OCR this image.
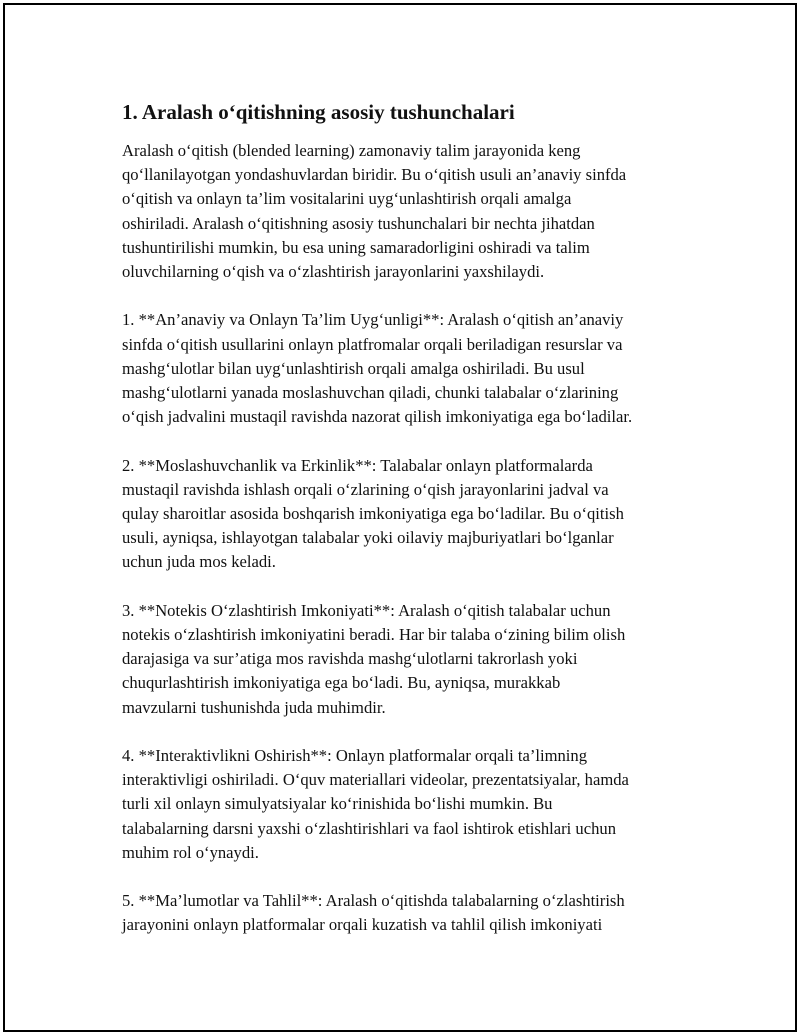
1. Aralash o‘qitishning asosiy tushunchalari
Aralash o‘qitish (blended learning) zamonaviy talim jarayonida keng
qo‘llanilayotgan yondashuvlardan biridir. Bu o‘qitish usuli an’anaviy sinfda
o‘qitish va onlayn ta’lim vositalarini uyg‘unlashtirish orqali amalga
oshiriladi. Aralash o‘qitishning asosiy tushunchalari bir nechta jihatdan
tushuntirilishi mumkin, bu esa uning samaradorligini oshiradi va talim
oluvchilarning o‘qish va o‘zlashtirish jarayonlarini yaxshilaydi.
1. **An’anaviy va Onlayn Ta’lim Uyg‘unligi**: Aralash o‘qitish an’anaviy
sinfda o‘qitish usullarini onlayn platfromalar orqali beriladigan resurslar va
mashg‘ulotlar bilan uyg‘unlashtirish orqali amalga oshiriladi. Bu usul
mashg‘ulotlarni yanada moslashuvchan qiladi, chunki talabalar o‘zlarining
o‘qish jadvalini mustaqil ravishda nazorat qilish imkoniyatiga ega bo‘ladilar.
2. **Moslashuvchanlik va Erkinlik**: Talabalar onlayn platformalarda
mustaqil ravishda ishlash orqali o‘zlarining o‘qish jarayonlarini jadval va
qulay sharoitlar asosida boshqarish imkoniyatiga ega bo‘ladilar. Bu o‘qitish
usuli, ayniqsa, ishlayotgan talabalar yoki oilaviy majburiyatlari bo‘lganlar
uchun juda mos keladi.
3. **Notekis O‘zlashtirish Imkoniyati**: Aralash o‘qitish talabalar uchun
notekis o‘zlashtirish imkoniyatini beradi. Har bir talaba o‘zining bilim olish
darajasiga va sur’atiga mos ravishda mashg‘ulotlarni takrorlash yoki
chuqurlashtirish imkoniyatiga ega bo‘ladi. Bu, ayniqsa, murakkab
mavzularni tushunishda juda muhimdir.
4. **Interaktivlikni Oshirish**: Onlayn platformalar orqali ta’limning
interaktivligi oshiriladi. O‘quv materiallari videolar, prezentatsiyalar, hamda
turli xil onlayn simulyatsiyalar ko‘rinishida bo‘lishi mumkin. Bu
talabalarning darsni yaxshi o‘zlashtirishlari va faol ishtirok etishlari uchun
muhim rol o‘ynaydi.
5. **Ma’lumotlar va Tahlil**: Aralash o‘qitishda talabalarning o‘zlashtirish
jarayonini onlayn platformalar orqali kuzatish va tahlil qilish imkoniyati
